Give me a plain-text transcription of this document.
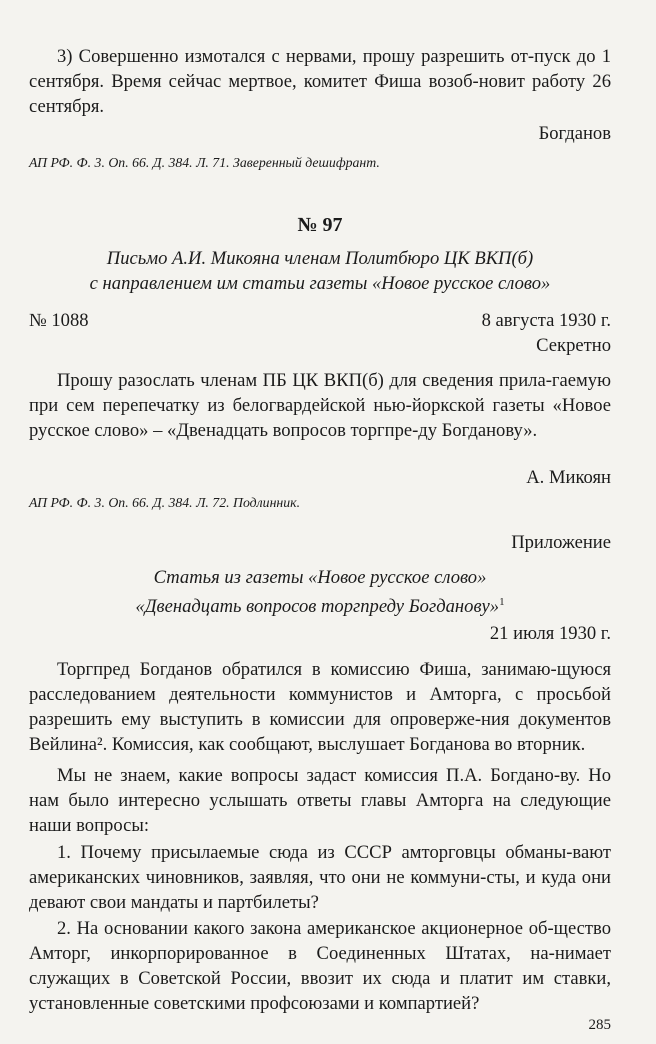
3) Совершенно измотался с нервами, прошу разрешить от-пуск до 1 сентября. Время сейчас мертвое, комитет Фиша возоб-новит работу 26 сентября.

Богданов

АП РФ. Ф. 3. Оп. 66. Д. 384. Л. 71. Заверенный дешифрант.

№ 97

Письмо А.И. Микояна членам Политбюро ЦК ВКП(б)

с направлением им статьи газеты «Новое русское слово»

№ 1088	8 августа 1930 г.

Секретно

Прошу разослать членам ПБ ЦК ВКП(б) для сведения прила-гаемую при сем перепечатку из белогвардейской нью-йоркской газеты «Новое русское слово» – «Двенадцать вопросов торгпре-ду Богданову».

А. Микоян

АП РФ. Ф. 3. Оп. 66. Д. 384. Л. 72. Подлинник.

Приложение

Статья из газеты «Новое русское слово»

«Двенадцать вопросов торгпреду Богданову»$^1$

21 июля 1930 г.

Торгпред Богданов обратился в комиссию Фиша, занимаю-щуюся расследованием деятельности коммунистов и Амторга, с просьбой разрешить ему выступить в комиссии для опроверже-ния документов Вейлина². Комиссия, как сообщают, выслушает Богданова во вторник.

Мы не знаем, какие вопросы задаст комиссия П.А. Богдано-ву. Но нам было интересно услышать ответы главы Амторга на следующие наши вопросы:

1. Почему присылаемые сюда из СССР амторговцы обманы-вают американских чиновников, заявляя, что они не коммуни-сты, и куда они девают свои мандаты и партбилеты?

2. На основании какого закона американское акционерное об-щество Амторг, инкорпорированное в Соединенных Штатах, на-нимает служащих в Советской России, ввозит их сюда и платит им ставки, установленные советскими профсоюзами и компартией?

285
